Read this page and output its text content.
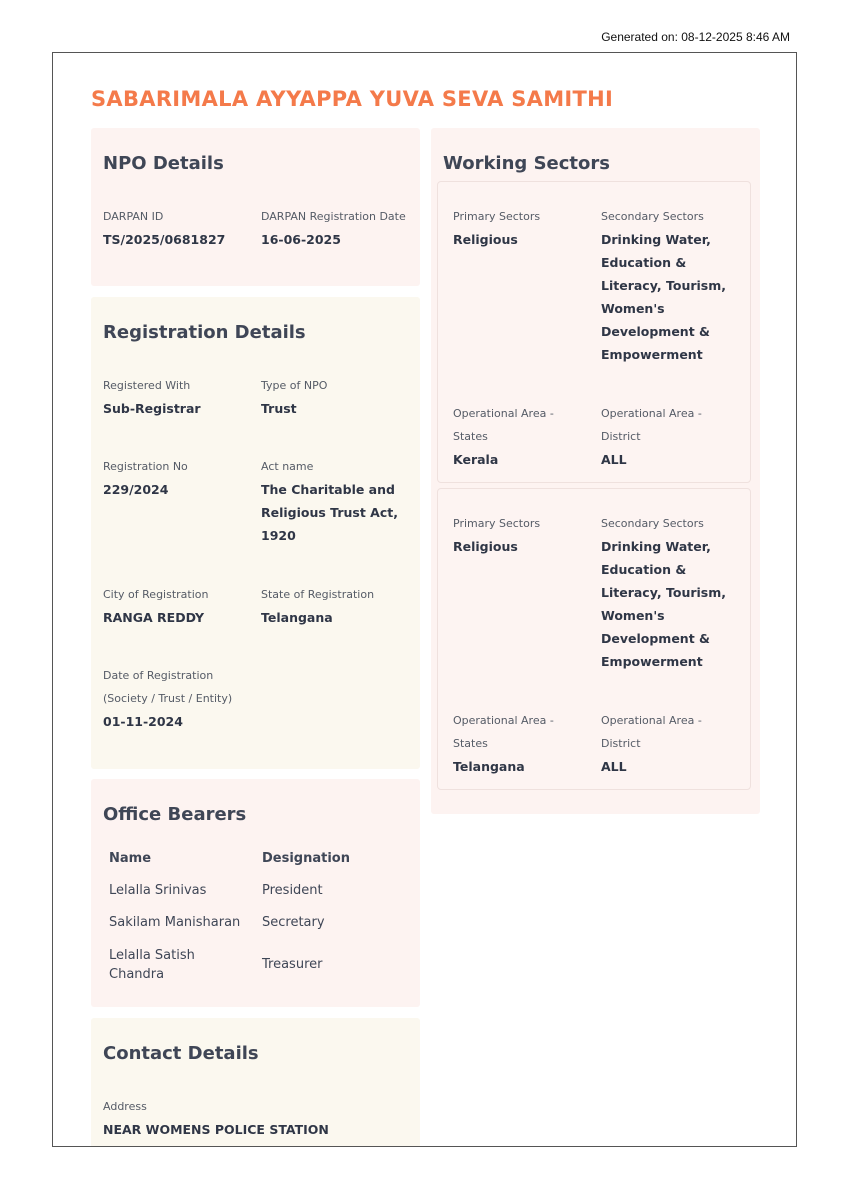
Generated on: 08-12-2025 8:46 AM
SABARIMALA AYYAPPA YUVA SEVA SAMITHI
NPO Details
DARPAN ID
TS/2025/0681827
DARPAN Registration Date
16-06-2025
Registration Details
Registered With
Sub-Registrar
Type of NPO
Trust
Registration No
229/2024
Act name
The Charitable and Religious Trust Act, 1920
City of Registration
RANGA REDDY
State of Registration
Telangana
Date of Registration (Society / Trust / Entity)
01-11-2024
Office Bearers
Name	Designation
Lelalla Srinivas	President
Sakilam Manisharan Secretary
Lelalla Satish Chandra
Treasurer
Contact Details
Address
NEAR WOMENS POLICE STATION
Working Sectors
Primary Sectors
Religious
Secondary Sectors
Drinking Water, Education & Literacy, Tourism, Women's Development & Empowerment
Operational Area - States
Kerala
Operational Area - District
ALL
Primary Sectors
Religious
Secondary Sectors
Drinking Water, Education & Literacy, Tourism, Women's Development & Empowerment
Operational Area - States
Telangana
Operational Area - District
ALL
